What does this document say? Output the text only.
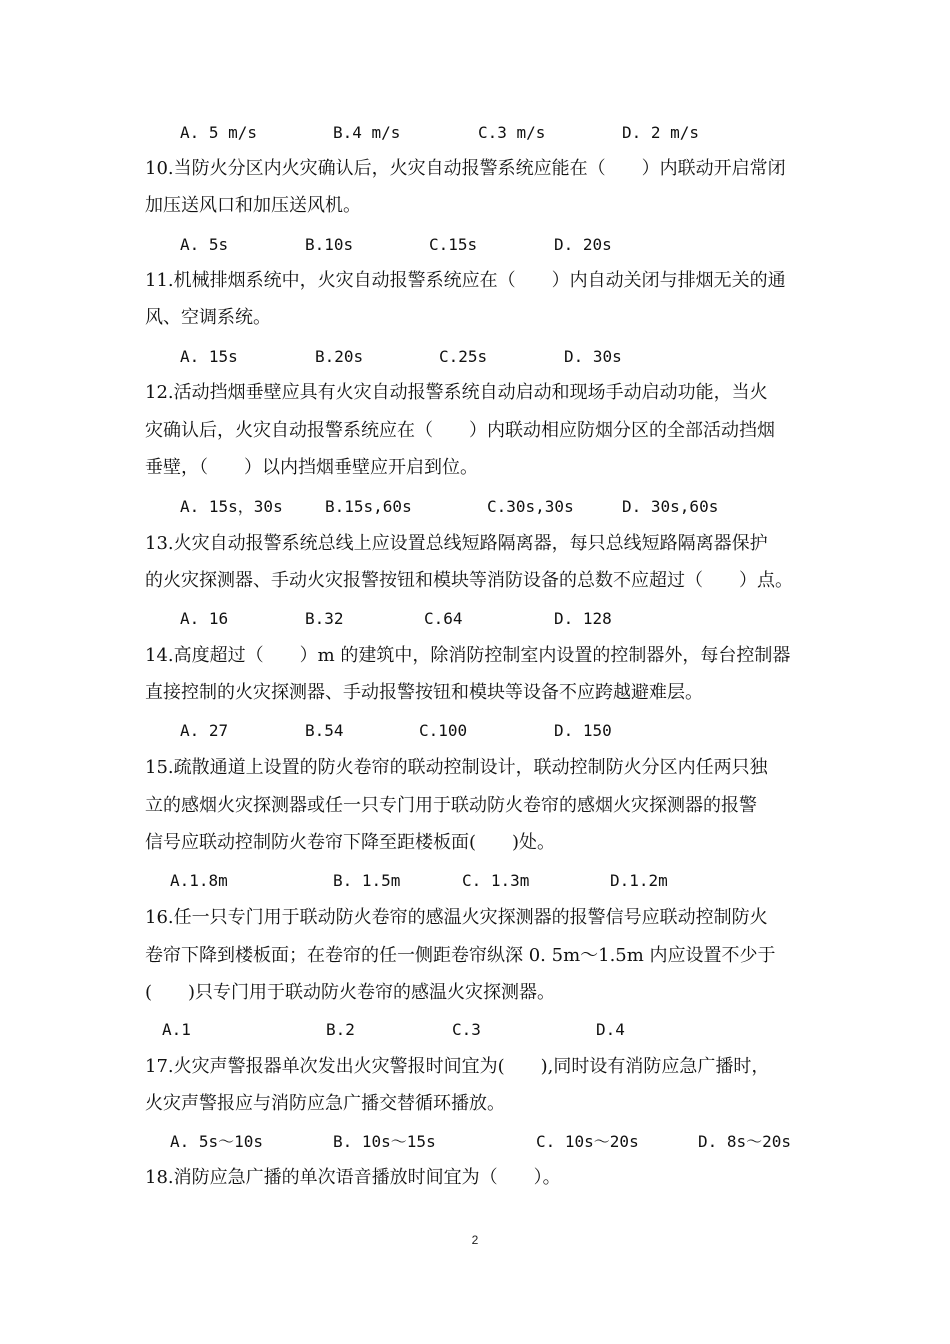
A. 5 m/s	B.4 m/s	C.3 m/s	D. 2 m/s
10.当防火分区内火灾确认后，火灾自动报警系统应能在（　　）内联动开启常闭
加压送风口和加压送风机。
A. 5s	B.10s	C.15s	D. 20s
11.机械排烟系统中，火灾自动报警系统应在（　　）内自动关闭与排烟无关的通
风、空调系统。
A. 15s	B.20s	C.25s	D. 30s
12.活动挡烟垂壁应具有火灾自动报警系统自动启动和现场手动启动功能，当火
灾确认后，火灾自动报警系统应在（　　）内联动相应防烟分区的全部活动挡烟
垂壁，（　　）以内挡烟垂壁应开启到位。
A. 15s，30s	B.15s,60s	C.30s,30s	D. 30s,60s
13.火灾自动报警系统总线上应设置总线短路隔离器，每只总线短路隔离器保护
的火灾探测器、手动火灾报警按钮和模块等消防设备的总数不应超过（　　）点。
A. 16	B.32	C.64	D. 128
14.高度超过（　　）m 的建筑中，除消防控制室内设置的控制器外，每台控制器
直接控制的火灾探测器、手动报警按钮和模块等设备不应跨越避难层。
A. 27	B.54	C.100	D. 150
15.疏散通道上设置的防火卷帘的联动控制设计，联动控制防火分区内任两只独
立的感烟火灾探测器或任一只专门用于联动防火卷帘的感烟火灾探测器的报警
信号应联动控制防火卷帘下降至距楼板面(　　)处。
A.1.8m	B. 1.5m	C. 1.3m	D.1.2m
16.任一只专门用于联动防火卷帘的感温火灾探测器的报警信号应联动控制防火
卷帘下降到楼板面；在卷帘的任一侧距卷帘纵深 0. 5m～1.5m 内应设置不少于
(　　)只专门用于联动防火卷帘的感温火灾探测器。
A.1	B.2	C.3	D.4
17.火灾声警报器单次发出火灾警报时间宜为(　　),同时设有消防应急广播时，
火灾声警报应与消防应急广播交替循环播放。
A. 5s～10s	B. 10s～15s	C. 10s～20s	D. 8s～20s
18.消防应急广播的单次语音播放时间宜为（　　）。
2
